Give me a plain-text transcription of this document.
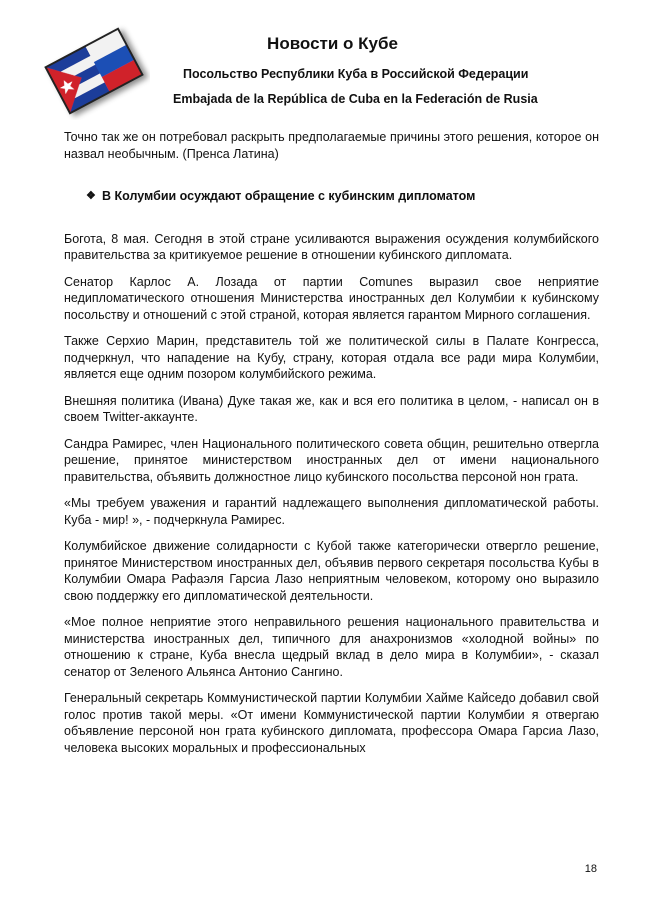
Новости о Кубе
Посольство Республики Куба в Российской Федерации
Embajada de la República de Cuba en la Federación de Rusia

Точно так же он потребовал раскрыть предполагаемые причины этого решения, которое он назвал необычным. (Пренса Латина)

❖ В Колумбии осуждают обращение с кубинским дипломатом

Богота, 8 мая. Сегодня в этой стране усиливаются выражения осуждения колумбийского правительства за критикуемое решение в отношении кубинского дипломата.

Сенатор Карлос А. Лозада от партии Comunes выразил свое неприятие недипломатического отношения Министерства иностранных дел Колумбии к кубинскому посольству и отношений с этой страной, которая является гарантом Мирного соглашения.

Также Серхио Марин, представитель той же политической силы в Палате Конгресса, подчеркнул, что нападение на Кубу, страну, которая отдала все ради мира Колумбии, является еще одним позором колумбийского режима.

Внешняя политика (Ивана) Дуке такая же, как и вся его политика в целом, - написал он в своем Twitter-аккаунте.

Сандра Рамирес, член Национального политического совета общин, решительно отвергла решение, принятое министерством иностранных дел от имени национального правительства, объявить должностное лицо кубинского посольства персоной нон грата.

«Мы требуем уважения и гарантий надлежащего выполнения дипломатической работы. Куба - мир! », - подчеркнула Рамирес.

Колумбийское движение солидарности с Кубой также категорически отвергло решение, принятое Министерством иностранных дел, объявив первого секретаря посольства Кубы в Колумбии Омара Рафаэля Гарсиа Лазо неприятным человеком, которому оно выразило свою поддержку его дипломатической деятельности.

«Мое полное неприятие этого неправильного решения национального правительства и министерства иностранных дел, типичного для анахронизмов «холодной войны» по отношению к стране, Куба внесла щедрый вклад в дело мира в Колумбии», - сказал сенатор от Зеленого Альянса Антонио Сангино.

Генеральный секретарь Коммунистической партии Колумбии Хайме Кайседо добавил свой голос против такой меры. «От имени Коммунистической партии Колумбии я отвергаю объявление персоной нон грата кубинского дипломата, профессора Омара Гарсиа Лазо, человека высоких моральных и профессиональных

18
